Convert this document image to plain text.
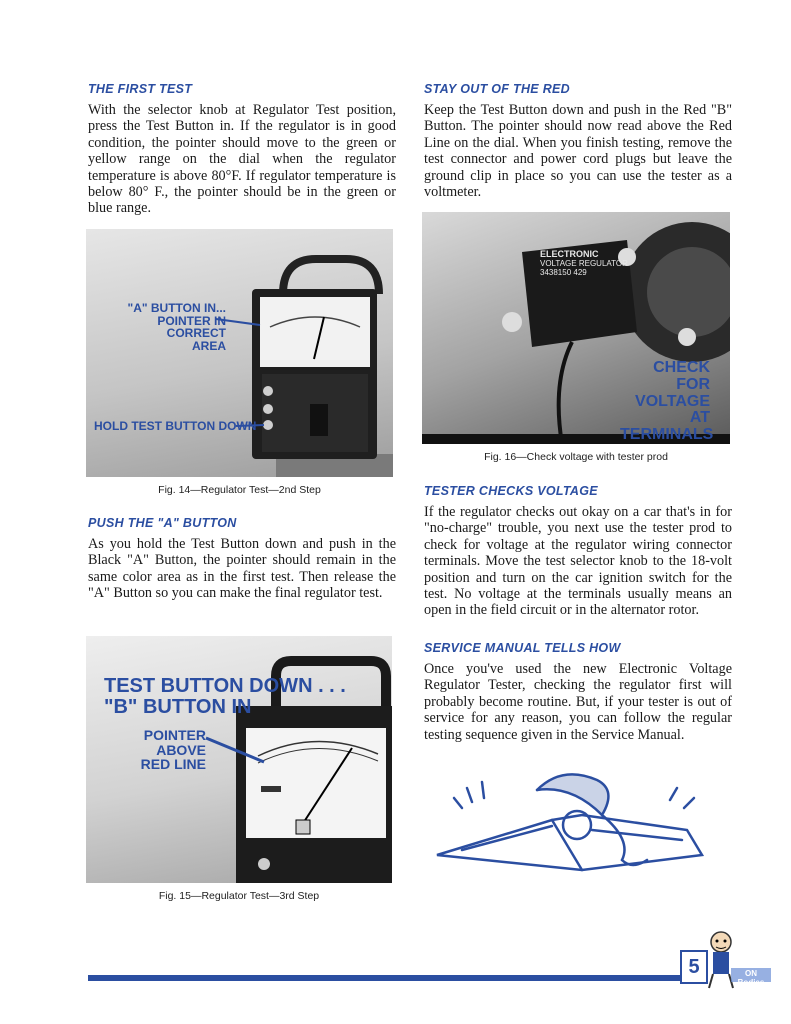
THE FIRST TEST

With the selector knob at Regulator Test position, press the Test Button in. If the regulator is in good condition, the pointer should move to the green or yellow range on the dial when the regulator temperature is above 80°F. If regulator temperature is below 80° F., the pointer should be in the green or blue range.

"A" BUTTON IN...
POINTER IN CORRECT
AREA
HOLD TEST BUTTON DOWN
Fig. 14—Regulator Test—2nd Step
PUSH THE "A" BUTTON

As you hold the Test Button down and push in the Black "A" Button, the pointer should remain in the same color area as in the first test. Then release the "A" Button so you can make the final regulator test.

TEST BUTTON DOWN . . .
"B" BUTTON IN
POINTER ABOVE
RED LINE
Fig. 15—Regulator Test—3rd Step
STAY OUT OF THE RED

Keep the Test Button down and push in the Red "B" Button. The pointer should now read above the Red Line on the dial. When you finish testing, remove the test connector and power cord plugs but leave the ground clip in place so you can use the tester as a voltmeter.

ELECTRONIC
VOLTAGE REGULATOR
3438150 429
CHECK FOR
VOLTAGE AT
TERMINALS
Fig. 16—Check voltage with tester prod
TESTER CHECKS VOLTAGE

If the regulator checks out okay on a car that's in for "no-charge" trouble, you next use the tester prod to check for voltage at the regulator wiring connector terminals. Move the test selector knob to the 18-volt position and turn on the car ignition switch for the test. No voltage at the terminals usually means an open in the field circuit or in the alternator rotor.

SERVICE MANUAL TELLS HOW

Once you've used the new Electronic Voltage Regulator Tester, checking the regulator first will probably become routine. But, if your tester is out of service for any reason, you can follow the regular testing sequence given in the Service Manual.

5	ON Bodies
